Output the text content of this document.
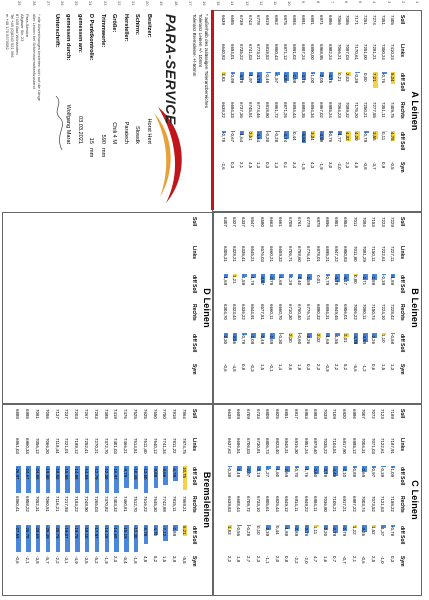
1
2
3
4
5
6
7
8
9
10
11
12
13
14
15
16
17
18
19
20
21
22
23
24
25
26
27
28
29
A Leinen
Soll
Links
diff Soll
Rechts
diff Soll
Sym
7405
7410,24
5,24
7409,75
4,75
-0,5
7351
7350,24
-0,76
7351,11
0,11
0,9
7274
7281,21
7,21
7277,55
3,55
-3,7
7251
7251,00
0,00
7250,21
-0,79
-0,8
7171
7170,61
-0,39
7175,20
4,20
4,6
7085
7087,03
2,03
7089,32
4,32
2,3
7066
7066,21
0,21
7064,23
-1,77
-2,0
6986
6982,24
-3,76
6985,24
-0,76
3,0
6971
6968,95
-2,05
6967,02
-3,98
-1,9
6891
6890,00
-1,00
6894,34
3,34
4,3
6891
6887,24
-3,76
6885,35
-5,65
-1,9
6894
6891,02
-2,98
6894,44
0,44
3,4
6875
6871,12
-3,88
6871,26
-3,74
0,1
6862
6860,43
-1,57
6861,72
-0,28
1,3
6819
6818,52
-0,48
6818,80
-0,20
0,3
6778
6773,21
-4,79
6774,46
-3,54
1,3
6743
6741,03
-1,97
6745,51
2,51
4,5
6739
6735,22
-3,78
6737,36
-1,64
2,1
6685
6684,01
-0,99
6684,33
-0,67
0,3
6639
6640,83
1,83
6638,22
-0,78
-2,6
B Leinen
Soll
Links
diff Soll
Rechts
diff Soll
Sym
7229
7227,11
-1,89
7228,42
-0,58
1,3
7223
7222,61
-0,39
7224,10
1,10
1,5
7153
7150,11
-2,89
7150,74
-2,26
0,6
7084
7081,29
-2,71
7080,11
-3,89
-1,2
7011
7011,80
0,80
7006,22
-4,78
-5,6
6954
6950,83
-3,17
6956,01
2,01
5,2
6951
6947,22
-3,78
6949,45
-1,55
2,2
6896
6895,21
-0,79
6894,31
-1,69
-0,9
6878
6878,01
0,01
6880,32
2,32
2,3
6779
6776,41
-2,59
6776,74
-2,26
0,3
6761
6758,60
-2,40
6760,40
-0,60
1,8
6708
6706,71
-1,29
6710,30
2,30
3,6
6661
6659,32
-1,68
6660,70
-0,30
1,4
6663
6660,21
-2,79
6660,11
-2,89
-0,1
6580
6576,03
-3,97
6577,51
-2,49
1,5
6547
6545,21
-1,79
6544,91
-2,09
-0,3
6337
6335,41
-1,59
6336,22
-0,78
0,8
6327
6328,21
1,21
6323,44
-3,56
-4,8
6307
6305,31
-1,69
6304,70
-2,30
-0,6
C Leinen
Soll
Links
diff Soll
Rechts
diff Soll
Sym
7189
7187,91
-1,09
7188,22
-0,78
0,3
7123
7122,61
-0,39
7121,63
-1,37
-1,0
7072
7071,03
-0,97
7073,52
1,52
2,5
7007
7004,31
-2,69
7003,74
-3,26
-0,6
6986
6985,12
-0,88
6987,22
1,22
2,1
6920
6917,90
-2,10
6917,21
-2,79
-0,7
7109
7104,51
-4,49
7105,21
-3,79
0,7
7039
7035,22
-3,78
7036,80
-2,20
1,6
6983
6979,40
-3,60
6984,11
1,11
4,7
6953
6951,24
-1,76
6949,22
-3,78
-2,0
6917
6916,30
-0,70
6914,11
-2,89
-2,2
6851
6848,31
-2,69
6849,12
-1,88
0,8
6825
6823,40
-1,60
6825,44
0,44
2,0
6808
6806,73
-1,27
6805,61
-2,39
-1,1
6733
6730,81
-2,19
6733,10
0,10
2,3
6709
6706,03
-2,97
6708,72
-0,28
2,7
6689
6686,51
-2,49
6688,44
-0,56
1,9
6638
6637,62
-0,38
6639,83
1,83
2,2
D Leinen
Soll
Links
diff Soll
Rechts
diff Soll
Sym
Bremsleinen
Soll
Links
diff Soll
Rechts
diff Soll
Sym
7864
7874,75
10,75
7869,21
5,21
-5,5
7818
7811,22
-6,78
7815,11
-2,89
3,9
7750
7741,34
-8,66
7742,88
-7,12
1,5
7650
7640,12
-9,88
7645,30
-4,70
5,2
7625
7611,40
-13,60
7616,22
-8,78
4,8
7525
7514,51
-10,49
7512,70
-12,30
-1,8
7476
7466,21
-9,79
7460,81
-15,19
-5,4
7418
7401,03
-16,97
7403,32
-14,68
2,3
7385
7372,70
-12,30
7370,82
-14,18
-1,9
7283
7270,21
-12,79
7265,03
-17,97
-5,2
7267
7252,41
-14,59
7248,90
-18,10
-3,5
7203
7188,12
-14,88
7183,22
-19,78
-4,9
7237
7221,01
-15,99
7217,93
-19,07
-3,1
7137
7118,44
-18,56
7116,21
-20,79
-2,2
7086
7066,20
-19,80
7060,51
-25,49
-5,7
7081
7056,12
-24,88
7052,31
-28,69
-3,8
6985
6960,33
-24,67
6958,22
-26,78
-2,1
6888
6861,03
-26,97
6860,41
-27,59
-0,6
* außerhalb des zulässigen Toleranzbereiches
Toleranz Leinen +/- 10mm
Toleranz Bremsleine: +/-50mm
PARA-SERVICE
Besitzer:Horst Hert
Schirm:Slowdk
Hersteller:Paratech
Größe:Chili 4 M
Trimmwerte:590mm
D Punktkontrolle:15mm
gemessen am:03.03.2021
gemessen durch:Wolfgang Marat
Unterschrift:
* alle Abweichungen beziehen sich auf die Länge
aller Leinen bei Schirmnormalkraftzustand
Para-Service
Allgäuer Str. 23
87435 Bad Wörishofen
Tel +49 (0)8343 521 396
m +49 170 5370082
